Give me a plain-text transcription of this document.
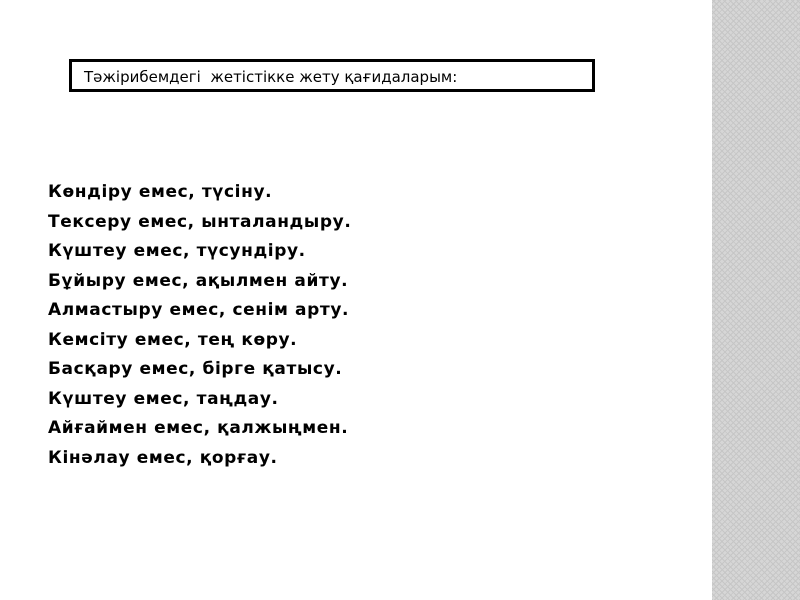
Тәжірибемдегі  жетістікке жету қағидаларым:
Көндіру емес, түсіну.
Тексеру емес, ынталандыру.
Күштеу емес, түсундіру.
Бұйыру емес, ақылмен айту.
Алмастыру емес, сенім арту.
Кемсіту емес, тең көру.
Басқару емес, бірге қатысу.
Күштеу емес, таңдау.
Айғаймен емес, қалжыңмен.
Кінәлау емес, қорғау.
